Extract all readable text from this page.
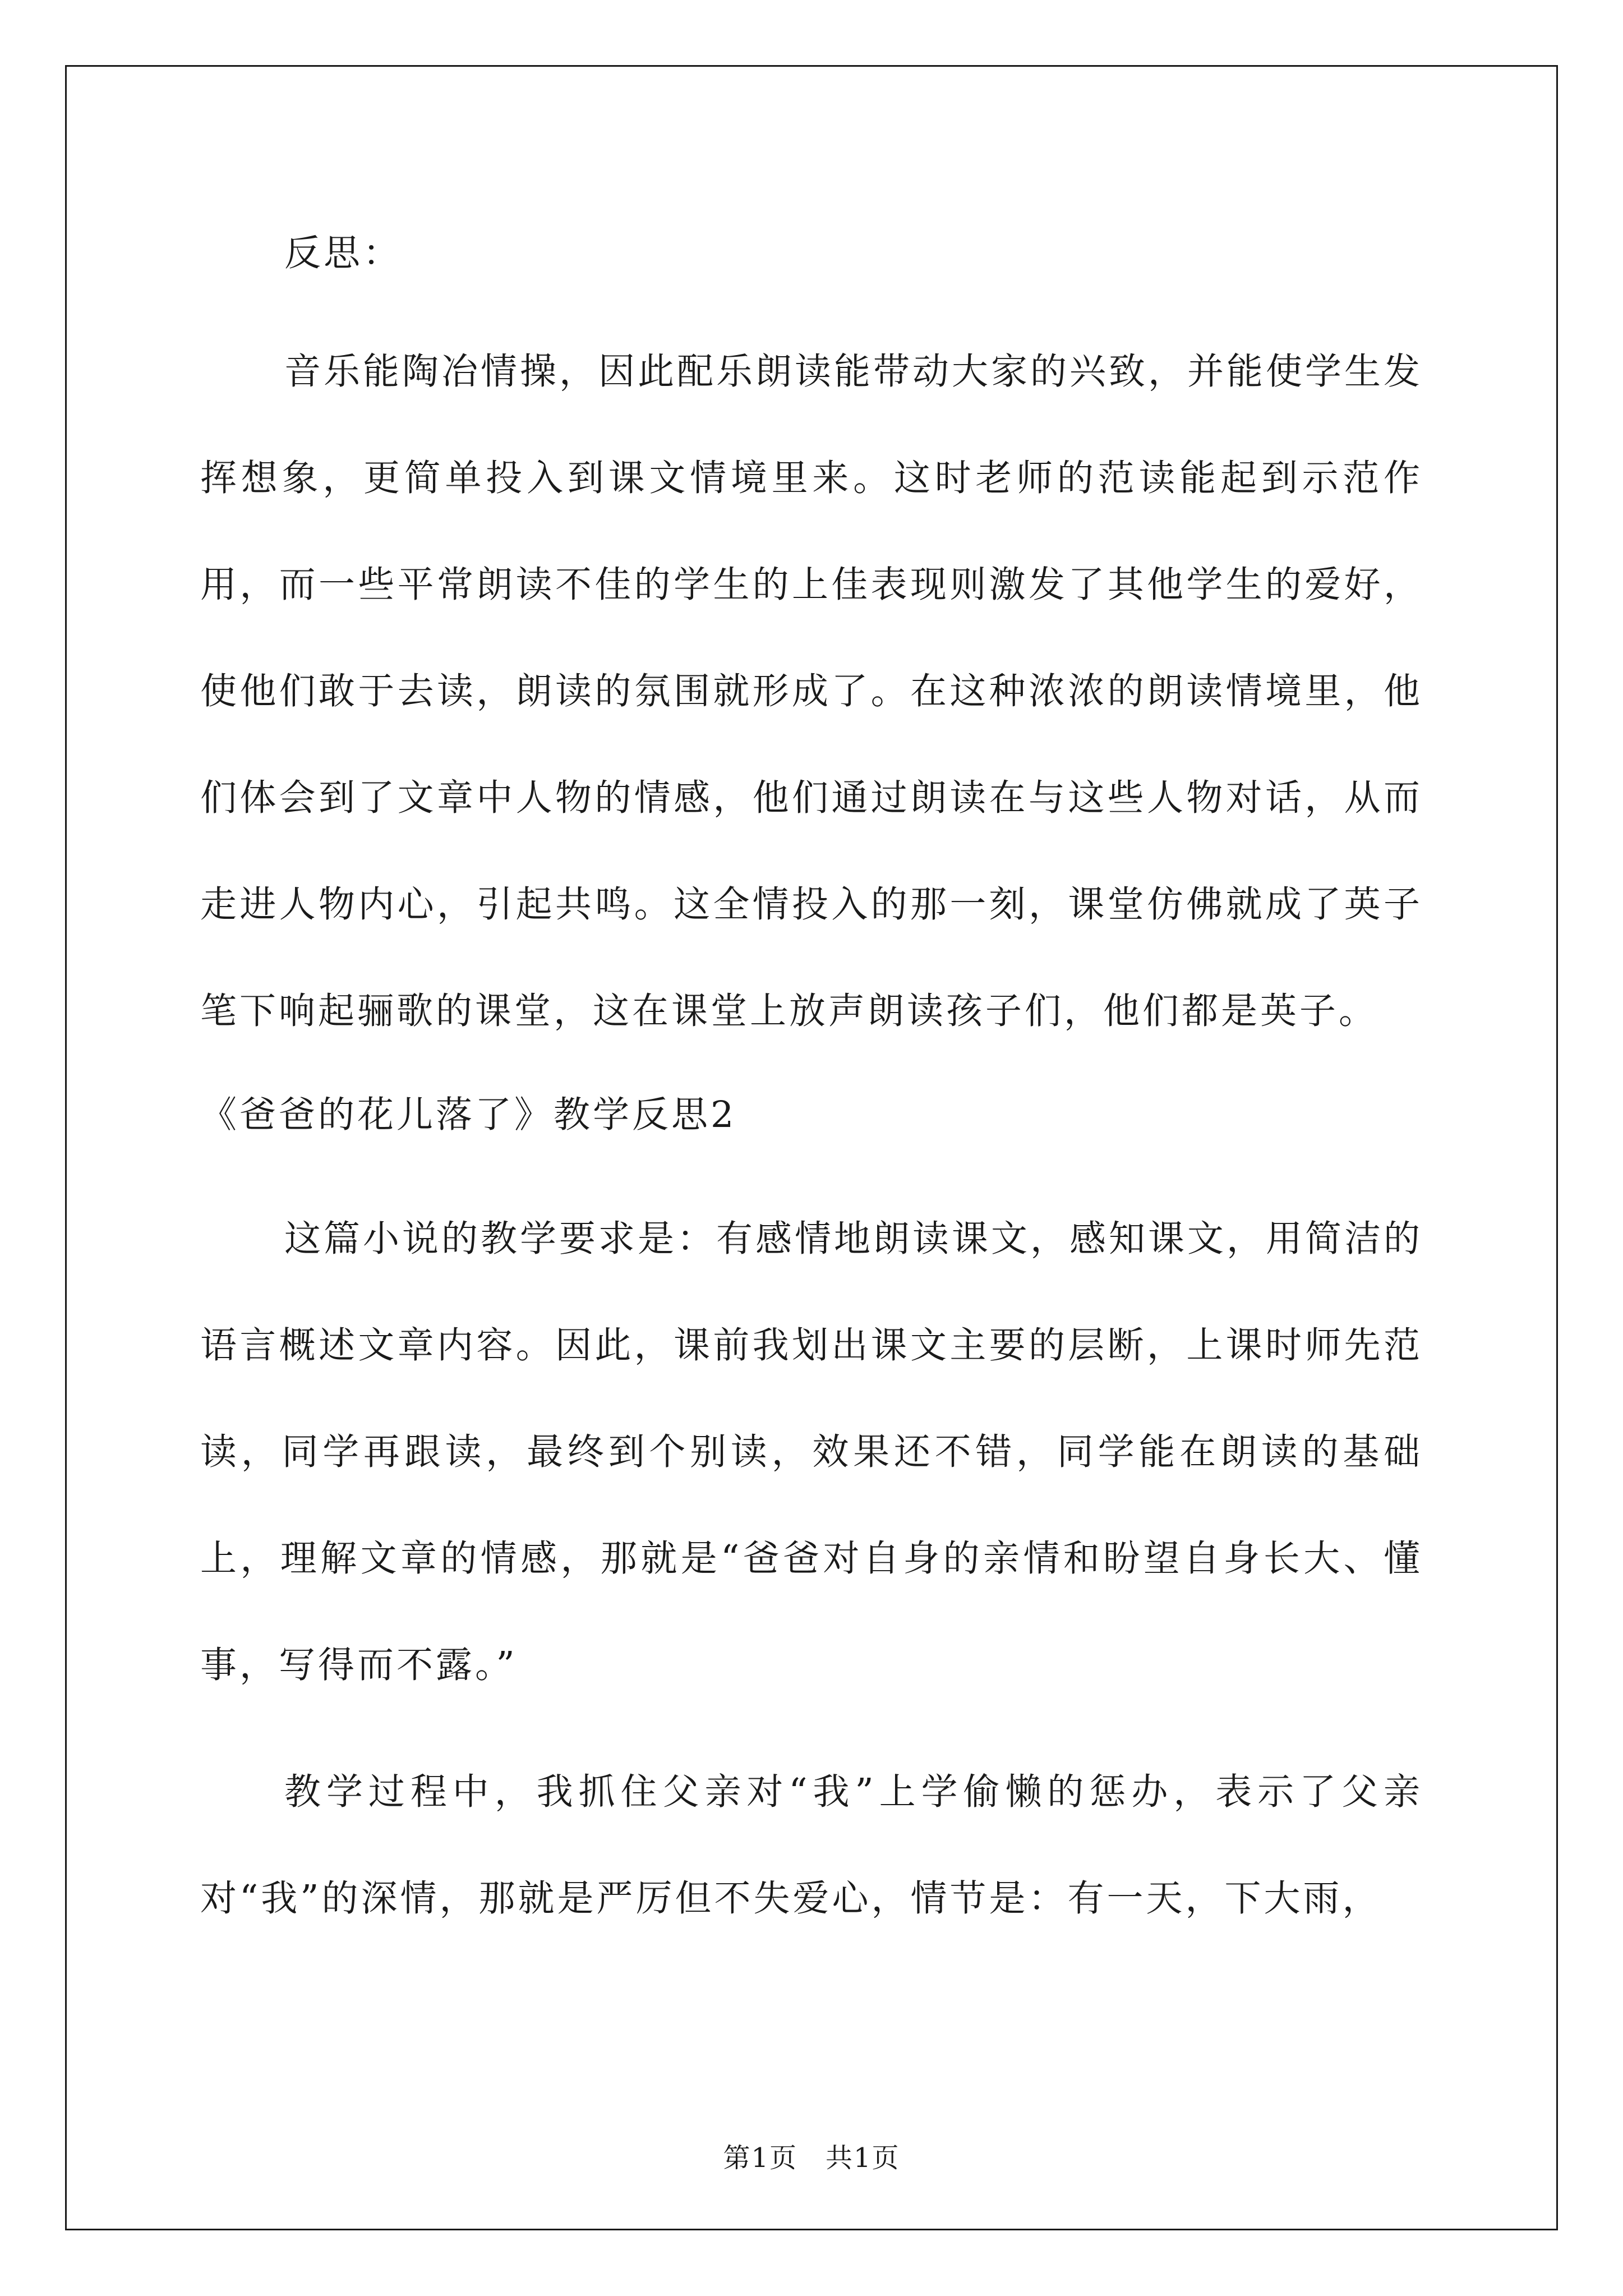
反思：

音乐能陶冶情操，因此配乐朗读能带动大家的兴致，并能使学生发挥想象，更简单投入到课文情境里来。这时老师的范读能起到示范作用，而一些平常朗读不佳的学生的上佳表现则激发了其他学生的爱好，使他们敢于去读，朗读的氛围就形成了。在这种浓浓的朗读情境里，他们体会到了文章中人物的情感，他们通过朗读在与这些人物对话，从而走进人物内心，引起共鸣。这全情投入的那一刻，课堂仿佛就成了英子笔下响起骊歌的课堂，这在课堂上放声朗读孩子们，他们都是英子。

《爸爸的花儿落了》教学反思2

这篇小说的教学要求是：有感情地朗读课文，感知课文，用简洁的语言概述文章内容。因此，课前我划出课文主要的层断，上课时师先范读，同学再跟读，最终到个别读，效果还不错，同学能在朗读的基础上，理解文章的情感，那就是“爸爸对自身的亲情和盼望自身长大、懂事，写得而不露。”

教学过程中，我抓住父亲对“我”上学偷懒的惩办，表示了父亲对“我”的深情，那就是严厉但不失爱心，情节是：有一天，下大雨，

第1页　共1页
